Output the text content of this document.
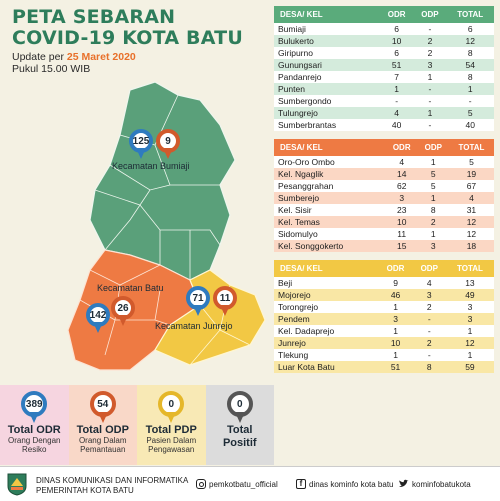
PETA SEBARAN
COVID-19 KOTA BATU
Update per 25 Maret 2020
Pukul 15.00 WIB
125	9
Kecamatan Bumiaji
Kecamatan Batu
142
26
71	11
Kecamatan Junrejo
DESA/ KEL	ODR	ODP	TOTAL
Bumiaji	6	-	6
Bulukerto	10	2	12
Giripurno	6	2	8
Gunungsari	51	3	54
Pandanrejo	7	1	8
Punten	1	-	1
Sumbergondo	-	-	-
Tulungrejo	4	1	5
Sumberbrantas	40	-	40
DESA/ KEL	ODR	ODP	TOTAL
Oro-Oro Ombo	4	1	5
Kel. Ngaglik	14	5	19
Pesanggrahan	62	5	67
Sumberejo	3	1	4
Kel. Sisir	23	8	31
Kel. Temas	10	2	12
Sidomulyo	11	1	12
Kel. Songgokerto	15	3	18
DESA/ KEL	ODR	ODP	TOTAL
Beji	9	4	13
Mojorejo	46	3	49
Torongrejo	1	2	3
Pendem	3	-	3
Kel. Dadaprejo	1	-	1
Junrejo	10	2	12
Tlekung	1	-	1
Luar Kota Batu	51	8	59
389
Total ODR
Orang Dengan
Resiko
54
Total ODP
Orang Dalam
Pemantauan
0
Total PDP
Pasien Dalam
Pengawasan
0
Total
Positif
DINAS KOMUNIKASI DAN INFORMATIKA
PEMERINTAH KOTA BATU
pemkotbatu_official	f dinas kominfo kota batu kominfobatukota
